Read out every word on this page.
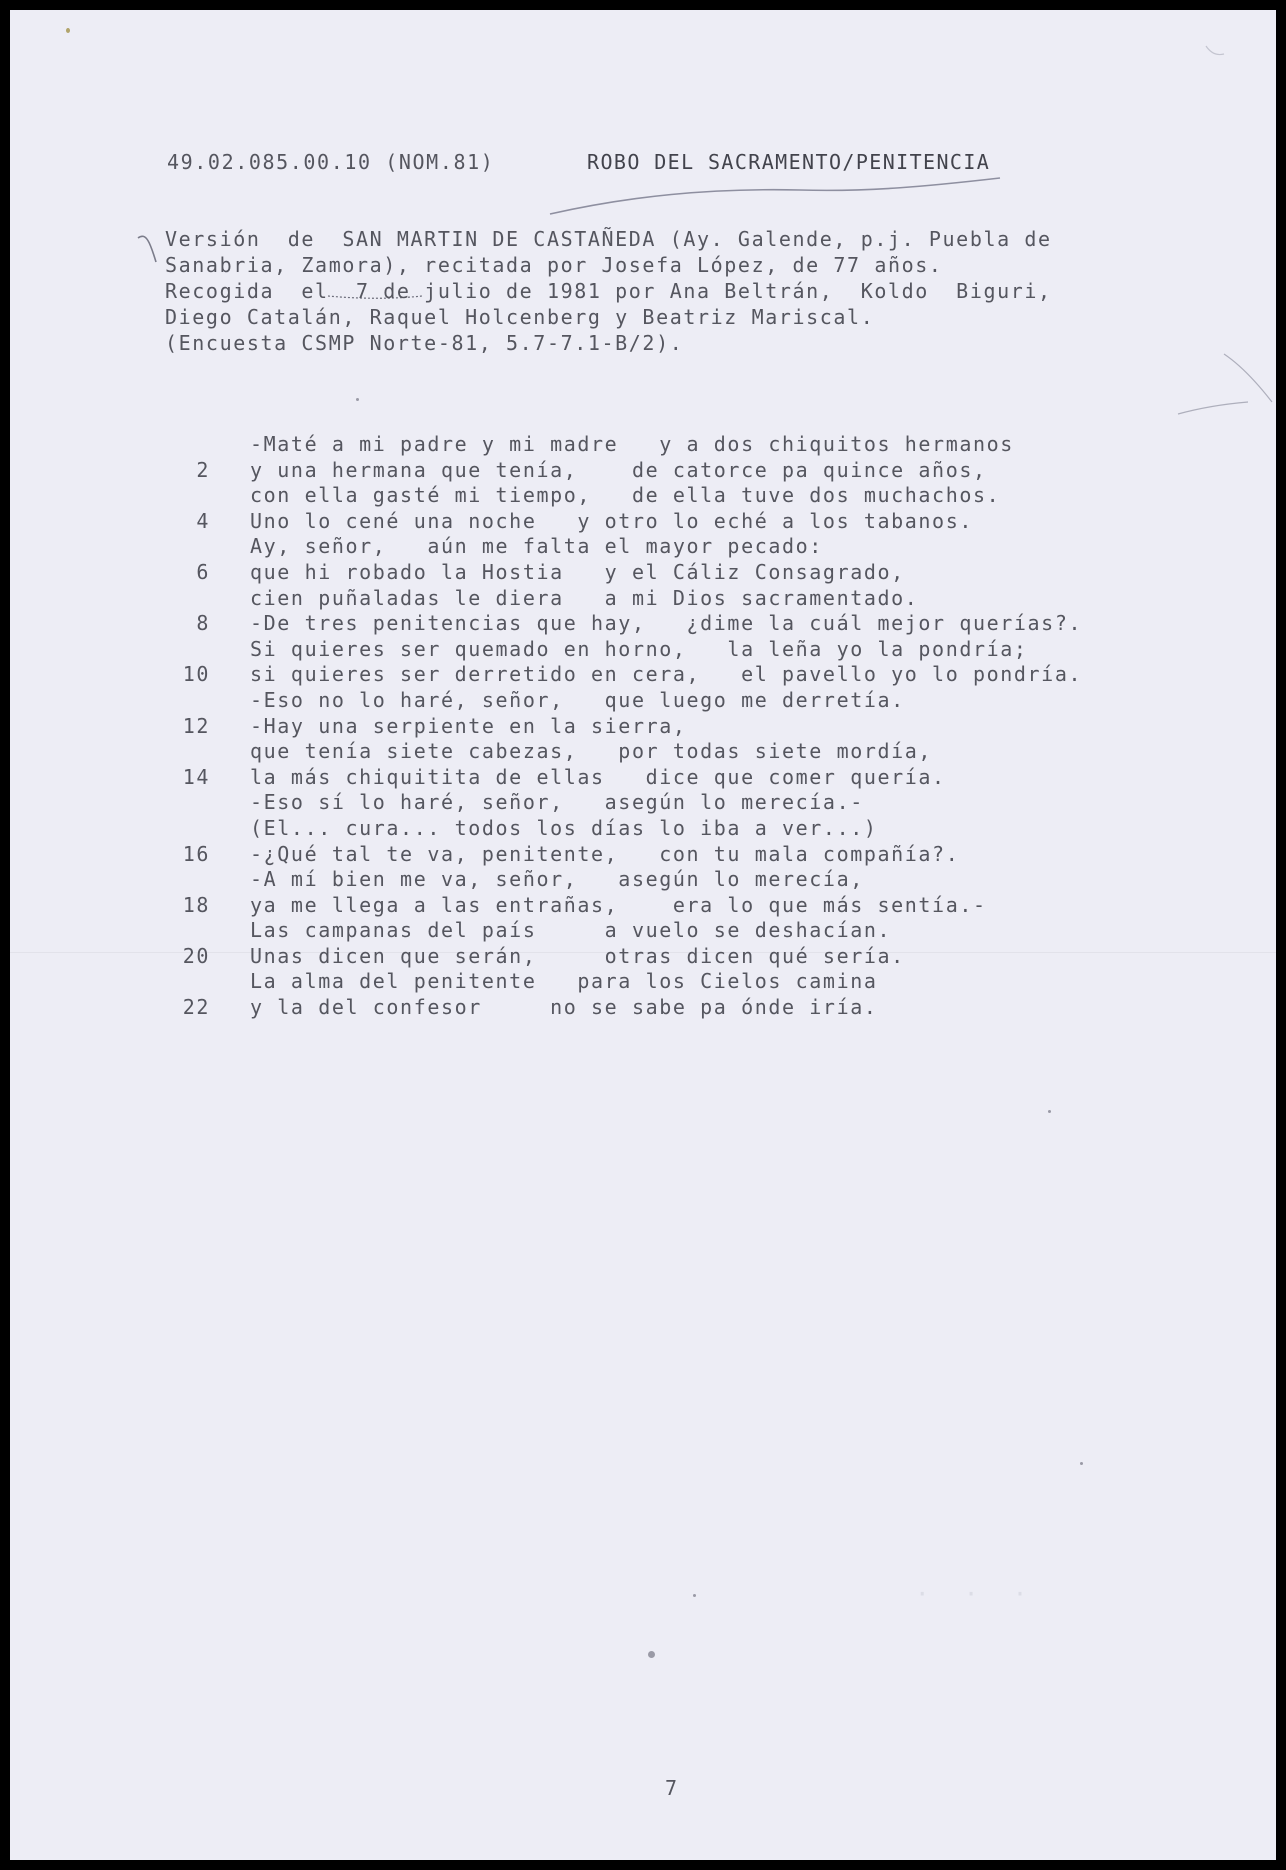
· · ·
49.02.085.00.10 (NOM.81)	ROBO DEL SACRAMENTO/PENITENCIA
Versión  de  SAN MARTIN DE CASTAÑEDA (Ay. Galende, p.j. Puebla de
Sanabria, Zamora), recitada por Josefa López, de 77 años.
Recogida  el  7 de julio de 1981 por Ana Beltrán,  Koldo  Biguri,
Diego Catalán, Raquel Holcenberg y Beatriz Mariscal.
(Encuesta CSMP Norte-81, 5.7-7.1-B/2).
-Maté a mi padre y mi madre   y a dos chiquitos hermanos
2 y una hermana que tenía,    de catorce pa quince años,
con ella gasté mi tiempo,   de ella tuve dos muchachos.
4 Uno lo cené una noche   y otro lo eché a los tabanos.
Ay, señor,   aún me falta el mayor pecado:
6 que hi robado la Hostia   y el Cáliz Consagrado,
cien puñaladas le diera   a mi Dios sacramentado.
8 -De tres penitencias que hay,   ¿dime la cuál mejor querías?.
Si quieres ser quemado en horno,   la leña yo la pondría;
10 si quieres ser derretido en cera,   el pavello yo lo pondría.
-Eso no lo haré, señor,   que luego me derretía.
12 -Hay una serpiente en la sierra,
que tenía siete cabezas,   por todas siete mordía,
14 la más chiquitita de ellas   dice que comer quería.
-Eso sí lo haré, señor,   asegún lo merecía.-
(El... cura... todos los días lo iba a ver...)
16 -¿Qué tal te va, penitente,   con tu mala compañía?.
-A mí bien me va, señor,   asegún lo merecía,
18 ya me llega a las entrañas,    era lo que más sentía.-
Las campanas del país     a vuelo se deshacían.
20 Unas dicen que serán,     otras dicen qué sería.
La alma del penitente   para los Cielos camina
22 y la del confesor     no se sabe pa ónde iría.
7
